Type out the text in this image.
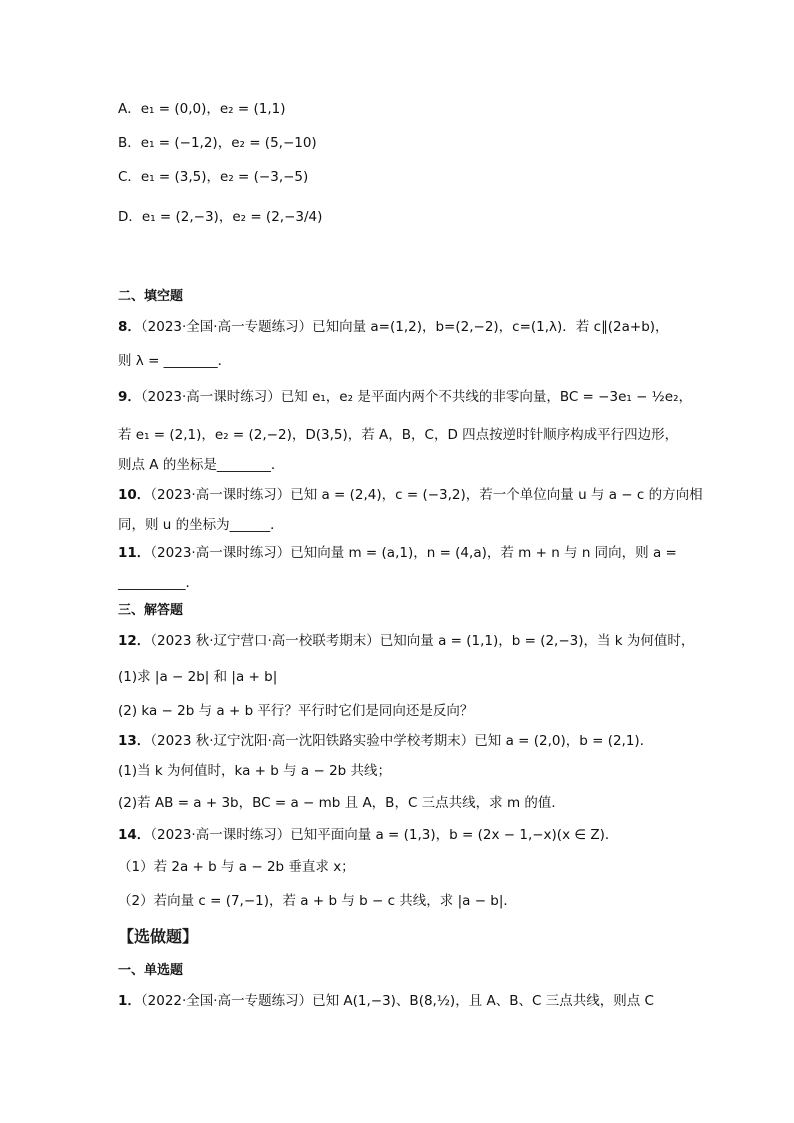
A．e₁ = (0,0)，e₂ = (1,1)
B．e₁ = (−1,2)，e₂ = (5,−10)
C．e₁ = (3,5)，e₂ = (−3,−5)
D．e₁ = (2,−3)，e₂ = (2,−3/4)
二、填空题
8．（2023·全国·高一专题练习）已知向量 a=(1,2)，b=(2,−2)，c=(1,λ)．若 c∥(2a+b)，
则 λ = ________．
9．（2023·高一课时练习）已知 e₁，e₂ 是平面内两个不共线的非零向量，BC = −3e₁ − ½e₂，
若 e₁ = (2,1)，e₂ = (2,−2)，D(3,5)，若 A，B，C，D 四点按逆时针顺序构成平行四边形，
则点 A 的坐标是________．
10．（2023·高一课时练习）已知 a = (2,4)，c = (−3,2)，若一个单位向量 u 与 a − c 的方向相
同，则 u 的坐标为______．
11．（2023·高一课时练习）已知向量 m = (a,1)，n = (4,a)，若 m + n 与 n 同向，则 a =
__________．
三、解答题
12．（2023 秋·辽宁营口·高一校联考期末）已知向量 a = (1,1)，b = (2,−3)，当 k 为何值时，
(1)求 |a − 2b| 和 |a + b|
(2) ka − 2b 与 a + b 平行？平行时它们是同向还是反向？
13．（2023 秋·辽宁沈阳·高一沈阳铁路实验中学校考期末）已知 a = (2,0)，b = (2,1)．
(1)当 k 为何值时，ka + b 与 a − 2b 共线；
(2)若 AB = a + 3b，BC = a − mb 且 A，B，C 三点共线，求 m 的值．
14．（2023·高一课时练习）已知平面向量 a = (1,3)，b = (2x − 1,−x)(x ∈ Z)．
（1）若 2a + b 与 a − 2b 垂直求 x；
（2）若向量 c = (7,−1)，若 a + b 与 b − c 共线，求 |a − b|．
【选做题】
一、单选题
1．（2022·全国·高一专题练习）已知 A(1,−3)、B(8,½)，且 A、B、C 三点共线，则点 C
